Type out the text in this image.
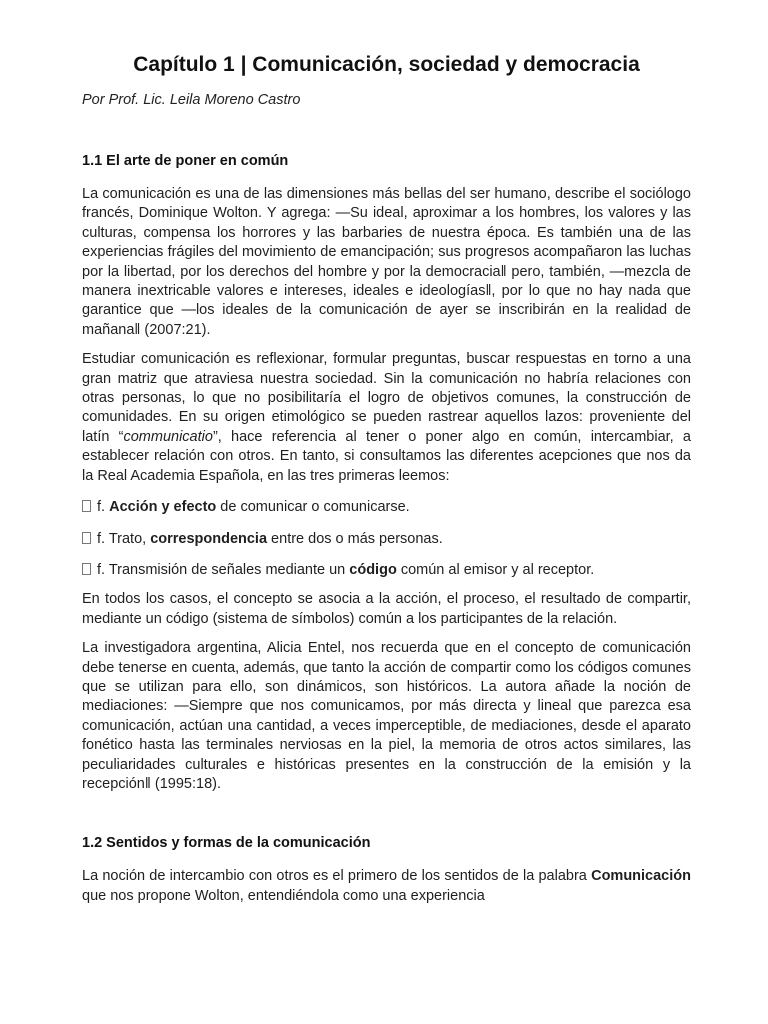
Capítulo 1 | Comunicación, sociedad y democracia
Por Prof. Lic. Leila Moreno Castro
1.1 El arte de poner en común

La comunicación es una de las dimensiones más bellas del ser humano, describe el sociólogo francés, Dominique Wolton. Y agrega: ―Su ideal, aproximar a los hombres, los valores y las culturas, compensa los horrores y las barbaries de nuestra época. Es también una de las experiencias frágiles del movimiento de emancipación; sus progresos acompañaron las luchas por la libertad, por los derechos del hombre y por la democracia‖ pero, también, ―mezcla de manera inextricable valores e intereses, ideales e ideologías‖, por lo que no hay nada que garantice que ―los ideales de la comunicación de ayer se inscribirán en la realidad de mañana‖ (2007:21).

Estudiar comunicación es reflexionar, formular preguntas, buscar respuestas en torno a una gran matriz que atraviesa nuestra sociedad. Sin la comunicación no habría relaciones con otras personas, lo que no posibilitaría el logro de objetivos comunes, la construcción de comunidades. En su origen etimológico se pueden rastrear aquellos lazos: proveniente del latín “communicatio”, hace referencia al tener o poner algo en común, intercambiar, a establecer relación con otros. En tanto, si consultamos las diferentes acepciones que nos da la Real Academia Española, en las tres primeras leemos:

f. Acción y efecto de comunicar o comunicarse.

f. Trato, correspondencia entre dos o más personas.

f. Transmisión de señales mediante un código común al emisor y al receptor.

En todos los casos, el concepto se asocia a la acción, el proceso, el resultado de compartir, mediante un código (sistema de símbolos) común a los participantes de la relación.

La investigadora argentina, Alicia Entel, nos recuerda que en el concepto de comunicación debe tenerse en cuenta, además, que tanto la acción de compartir como los códigos comunes que se utilizan para ello, son dinámicos, son históricos. La autora añade la noción de mediaciones: ―Siempre que nos comunicamos, por más directa y lineal que parezca esa comunicación, actúan una cantidad, a veces imperceptible, de mediaciones, desde el aparato fonético hasta las terminales nerviosas en la piel, la memoria de otros actos similares, las peculiaridades culturales e históricas presentes en la construcción de la emisión y la recepción‖ (1995:18).

1.2 Sentidos y formas de la comunicación

La noción de intercambio con otros es el primero de los sentidos de la palabra Comunicación que nos propone Wolton, entendiéndola como una experiencia
